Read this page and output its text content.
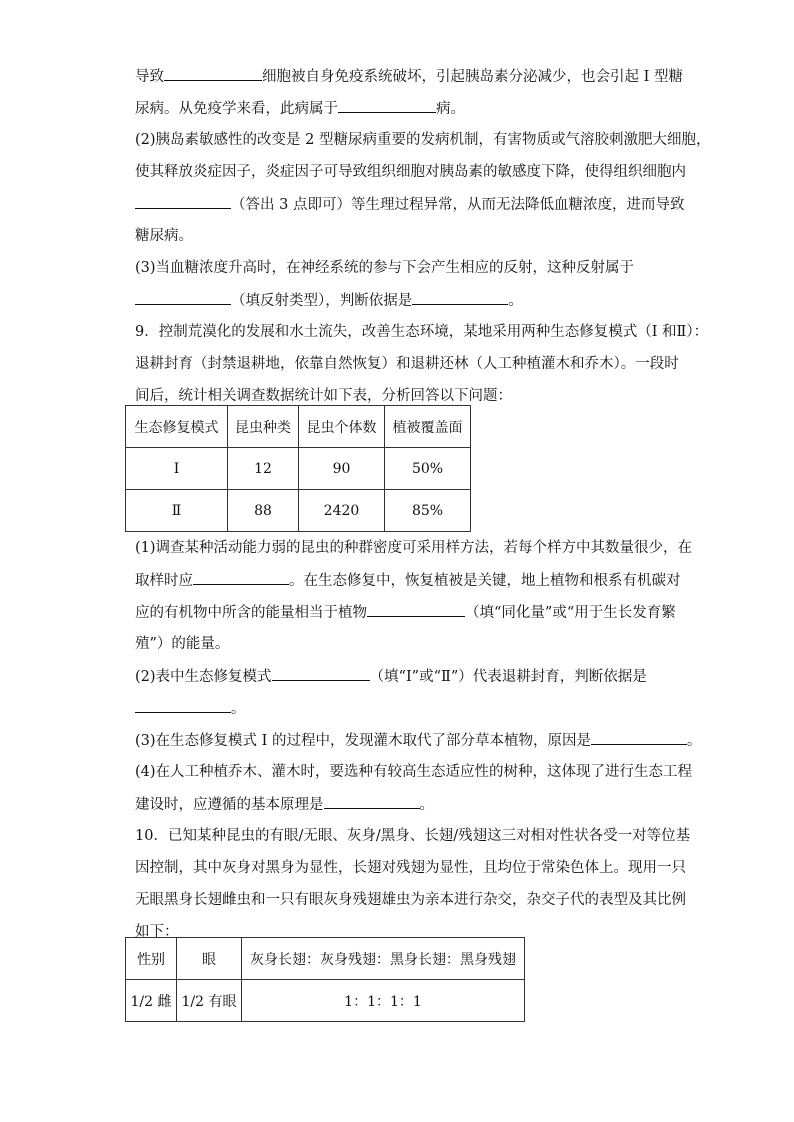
导致	细胞被自身免疫系统破坏，引起胰岛素分泌减少，也会引起 I 型糖
尿病。从免疫学来看，此病属于	病。
(2)胰岛素敏感性的改变是 2 型糖尿病重要的发病机制，有害物质或气溶胶刺激肥大细胞，
使其释放炎症因子，炎症因子可导致组织细胞对胰岛素的敏感度下降，使得组织细胞内
（答出 3 点即可）等生理过程异常，从而无法降低血糖浓度，进而导致
糖尿病。
(3)当血糖浓度升高时，在神经系统的参与下会产生相应的反射，这种反射属于
（填反射类型），判断依据是	。
9．控制荒漠化的发展和水土流失，改善生态环境，某地采用两种生态修复模式（I 和Ⅱ）：
退耕封育（封禁退耕地，依靠自然恢复）和退耕还林（人工种植灌木和乔木）。一段时
间后，统计相关调查数据统计如下表，分析回答以下问题：
生态修复模式	昆虫种类	昆虫个体数	植被覆盖面
I	12	90	50%
Ⅱ	88	2420	85%
(1)调查某种活动能力弱的昆虫的种群密度可采用样方法，若每个样方中其数量很少，在
取样时应	。在生态修复中，恢复植被是关键，地上植物和根系有机碳对
应的有机物中所含的能量相当于植物	（填“同化量”或“用于生长发育繁
殖”）的能量。
(2)表中生态修复模式	（填“I”或“Ⅱ”）代表退耕封育，判断依据是
。
(3)在生态修复模式 I 的过程中，发现灌木取代了部分草本植物，原因是	。
(4)在人工种植乔木、灌木时，要选种有较高生态适应性的树种，这体现了进行生态工程
建设时，应遵循的基本原理是	。
10．已知某种昆虫的有眼/无眼、灰身/黑身、长翅/残翅这三对相对性状各受一对等位基
因控制，其中灰身对黑身为显性，长翅对残翅为显性，且均位于常染色体上。现用一只
无眼黑身长翅雌虫和一只有眼灰身残翅雄虫为亲本进行杂交，杂交子代的表型及其比例
如下：
性别	眼	灰身长翅：灰身残翅：黑身长翅：黑身残翅
1/2 雌	1/2 有眼	1：1：1：1
